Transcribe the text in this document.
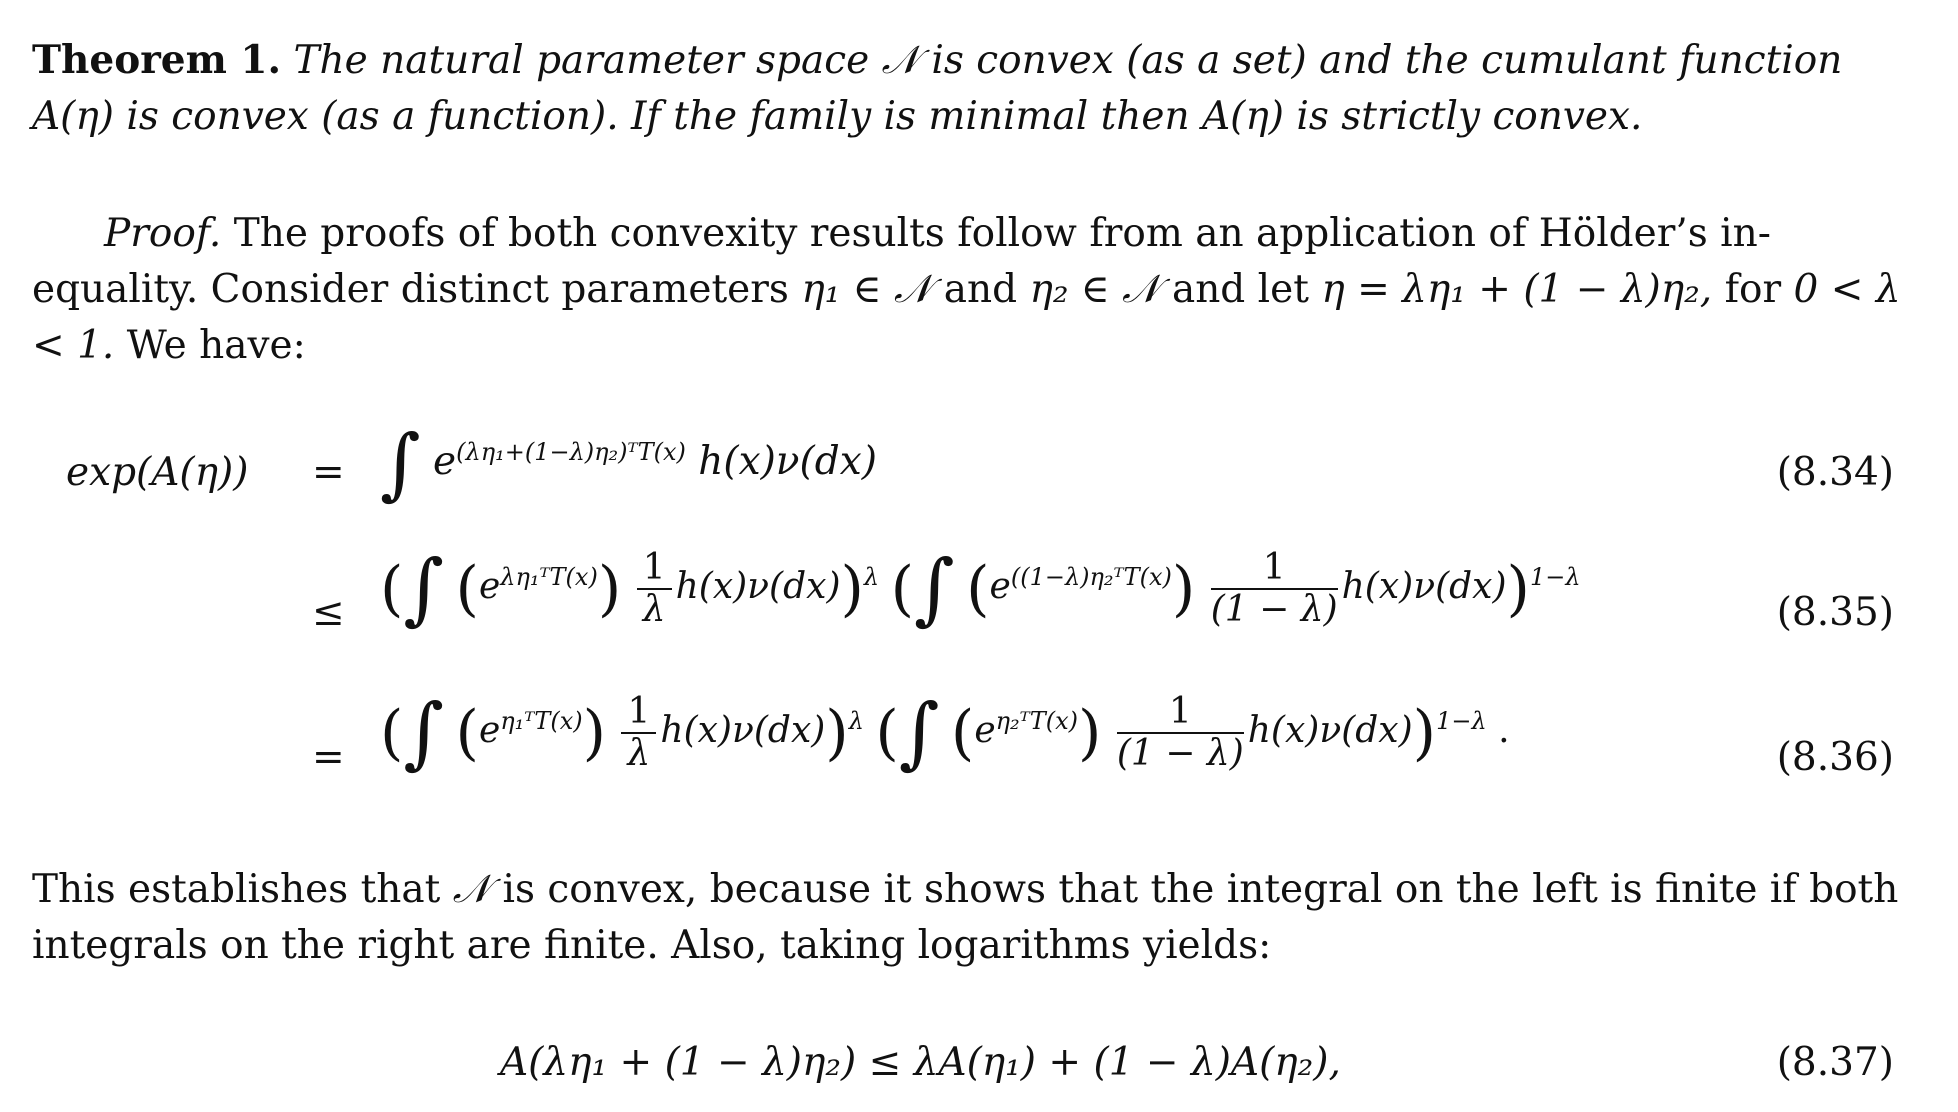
Theorem 1. The natural parameter space 𝒩 is convex (as a set) and the cumulant function A(η) is convex (as a function). If the family is minimal then A(η) is strictly convex.
Proof. The proofs of both convexity results follow from an application of Hölder’s in-equality. Consider distinct parameters η₁ ∈ 𝒩 and η₂ ∈ 𝒩 and let η = λη₁ + (1 − λ)η₂, for 0 < λ < 1. We have:
exp(A(η)) = ∫ $e^{(\lambda\eta_1+(1-\lambda)\eta_2)ᵀT(x)}$ h(x)ν(dx)	(8.34)
≤ (∫ $(e^{\lambda\eta_1ᵀT(x)}) \frac{1}{\lambda} h(x)\nu(dx))^\lambda$ (∫ $(e^{((1-\lambda)\eta_2ᵀT(x)}) \frac{1}{(1 - \lambda)} h(x)\nu(dx))^{1-\lambda}$
(8.35)
= (∫ $(e^{\eta_1ᵀT(x)}) \frac{1}{\lambda} h(x)\nu(dx))^\lambda$ (∫ $(e^{\eta_2ᵀT(x)}) \frac{1}{(1 - \lambda)} h(x)\nu(dx))^{1-\lambda}$ .
(8.36)
This establishes that 𝒩 is convex, because it shows that the integral on the left is finite if both integrals on the right are finite. Also, taking logarithms yields:
A(λη₁ + (1 − λ)η₂) ≤ λA(η₁) + (1 − λ)A(η₂),	(8.37)
